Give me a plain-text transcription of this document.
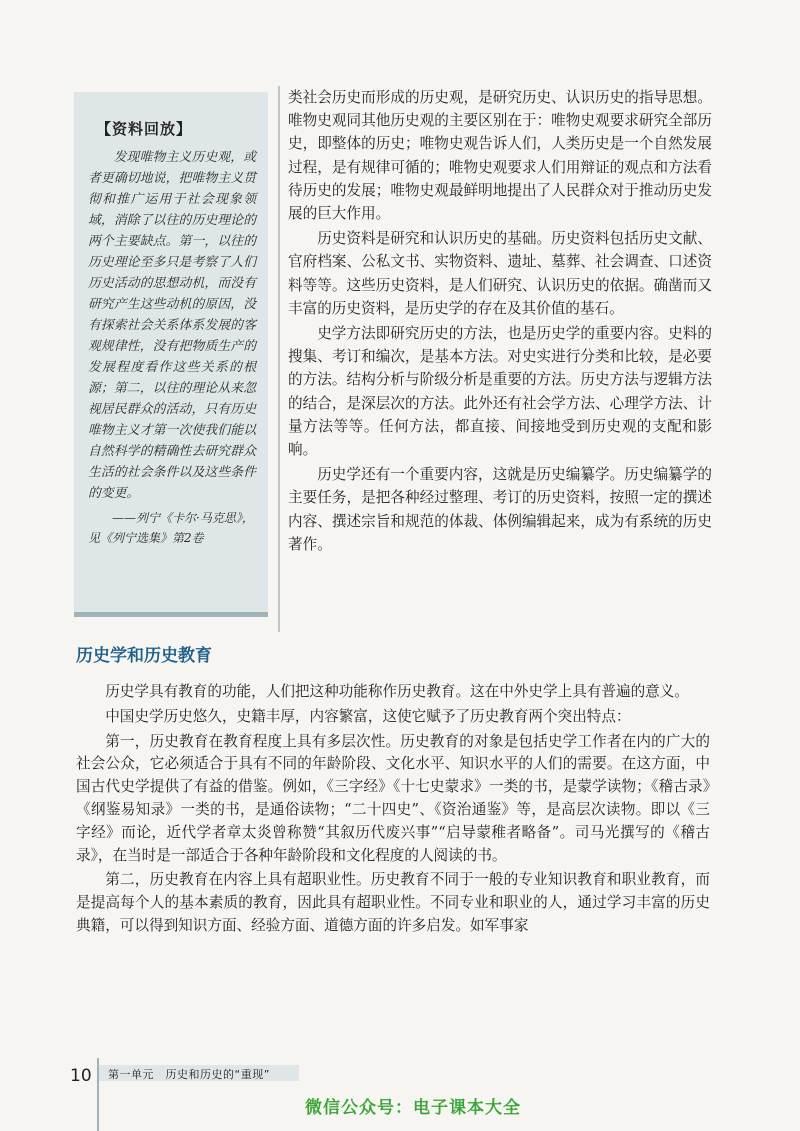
【资料回放】

发现唯物主义历史观，或者更确切地说，把唯物主义贯彻和推广运用于社会现象领域，消除了以往的历史理论的两个主要缺点。第一，以往的历史理论至多只是考察了人们历史活动的思想动机，而没有研究产生这些动机的原因，没有探索社会关系体系发展的客观规律性，没有把物质生产的发展程度看作这些关系的根源；第二，以往的理论从来忽视居民群众的活动，只有历史唯物主义才第一次使我们能以自然科学的精确性去研究群众生活的社会条件以及这些条件的变更。

——列宁《卡尔·马克思》，见《列宁选集》第2卷

类社会历史而形成的历史观，是研究历史、认识历史的指导思想。唯物史观同其他历史观的主要区别在于：唯物史观要求研究全部历史，即整体的历史；唯物史观告诉人们，人类历史是一个自然发展过程，是有规律可循的；唯物史观要求人们用辩证的观点和方法看待历史的发展；唯物史观最鲜明地提出了人民群众对于推动历史发展的巨大作用。

历史资料是研究和认识历史的基础。历史资料包括历史文献、官府档案、公私文书、实物资料、遗址、墓葬、社会调查、口述资料等等。这些历史资料，是人们研究、认识历史的依据。确凿而又丰富的历史资料，是历史学的存在及其价值的基石。

史学方法即研究历史的方法，也是历史学的重要内容。史料的搜集、考订和编次，是基本方法。对史实进行分类和比较，是必要的方法。结构分析与阶级分析是重要的方法。历史方法与逻辑方法的结合，是深层次的方法。此外还有社会学方法、心理学方法、计量方法等等。任何方法，都直接、间接地受到历史观的支配和影响。

历史学还有一个重要内容，这就是历史编纂学。历史编纂学的主要任务，是把各种经过整理、考订的历史资料，按照一定的撰述内容、撰述宗旨和规范的体裁、体例编辑起来，成为有系统的历史著作。

历史学和历史教育

历史学具有教育的功能，人们把这种功能称作历史教育。这在中外史学上具有普遍的意义。

中国史学历史悠久，史籍丰厚，内容繁富，这使它赋予了历史教育两个突出特点：

第一，历史教育在教育程度上具有多层次性。历史教育的对象是包括史学工作者在内的广大的社会公众，它必须适合于具有不同的年龄阶段、文化水平、知识水平的人们的需要。在这方面，中国古代史学提供了有益的借鉴。例如，《三字经》《十七史蒙求》一类的书，是蒙学读物；《稽古录》《纲鉴易知录》一类的书，是通俗读物；“二十四史”、《资治通鉴》等，是高层次读物。即以《三字经》而论，近代学者章太炎曾称赞“其叙历代废兴事”“启导蒙稚者略备”。司马光撰写的《稽古录》，在当时是一部适合于各种年龄阶段和文化程度的人阅读的书。

第二，历史教育在内容上具有超职业性。历史教育不同于一般的专业知识教育和职业教育，而是提高每个人的基本素质的教育，因此具有超职业性。不同专业和职业的人，通过学习丰富的历史典籍，可以得到知识方面、经验方面、道德方面的许多启发。如军事家

10 第一单元　历史和历史的“重现”
微信公众号：电子课本大全
